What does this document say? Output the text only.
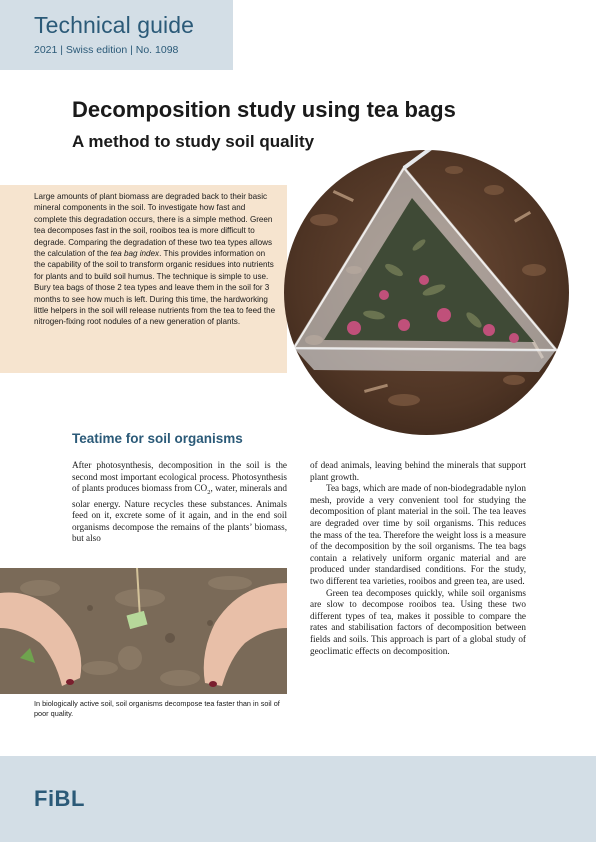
Technical guide
2021 | Swiss edition | No. 1098
Decomposition study using tea bags
A method to study soil quality
Large amounts of plant biomass are degraded back to their basic mineral components in the soil. To investigate how fast and complete this degradation occurs, there is a simple method. Green tea decomposes fast in the soil, rooibos tea is more difficult to degrade. Comparing the degradation of these two tea types allows the calculation of the tea bag index. This provides information on the capability of the soil to transform organic residues into nutrients for plants and to build soil humus. The technique is simple to use. Bury tea bags of those 2 tea types and leave them in the soil for 3 months to see how much is left. During this time, the hardworking little helpers in the soil will release nutrients from the tea to feed the nitrogen-fixing root nodules of a new generation of plants.
Teatime for soil organisms

After photosynthesis, decomposition in the soil is the second most important ecological process. Photosynthesis of plants produces biomass from $CO_2$, water, minerals and solar energy. Nature recycles these substances. Animals feed on it, excrete some of it again, and in the end soil organisms decompose the remains of the plants’ biomass, but also

of dead animals, leaving behind the minerals that support plant growth.

Tea bags, which are made of non-biodegradable nylon mesh, provide a very convenient tool for studying the decomposition of plant material in the soil. The tea leaves are degraded over time by soil organisms. This reduces the mass of the tea. Therefore the weight loss is a measure of the decomposition by the soil organisms. The tea bags contain a relatively uniform organic material and are produced under standardised conditions. For the study, two different tea varieties, rooibos and green tea, are used.

Green tea decomposes quickly, while soil organisms are slow to decompose rooibos tea. Using these two different types of tea, makes it possible to compare the rates and stabilisation factors of decomposition between fields and soils. This approach is part of a global study of geoclimatic effects on decomposition.

In biologically active soil, soil organisms decompose tea faster than in soil of poor quality.
FiBL
